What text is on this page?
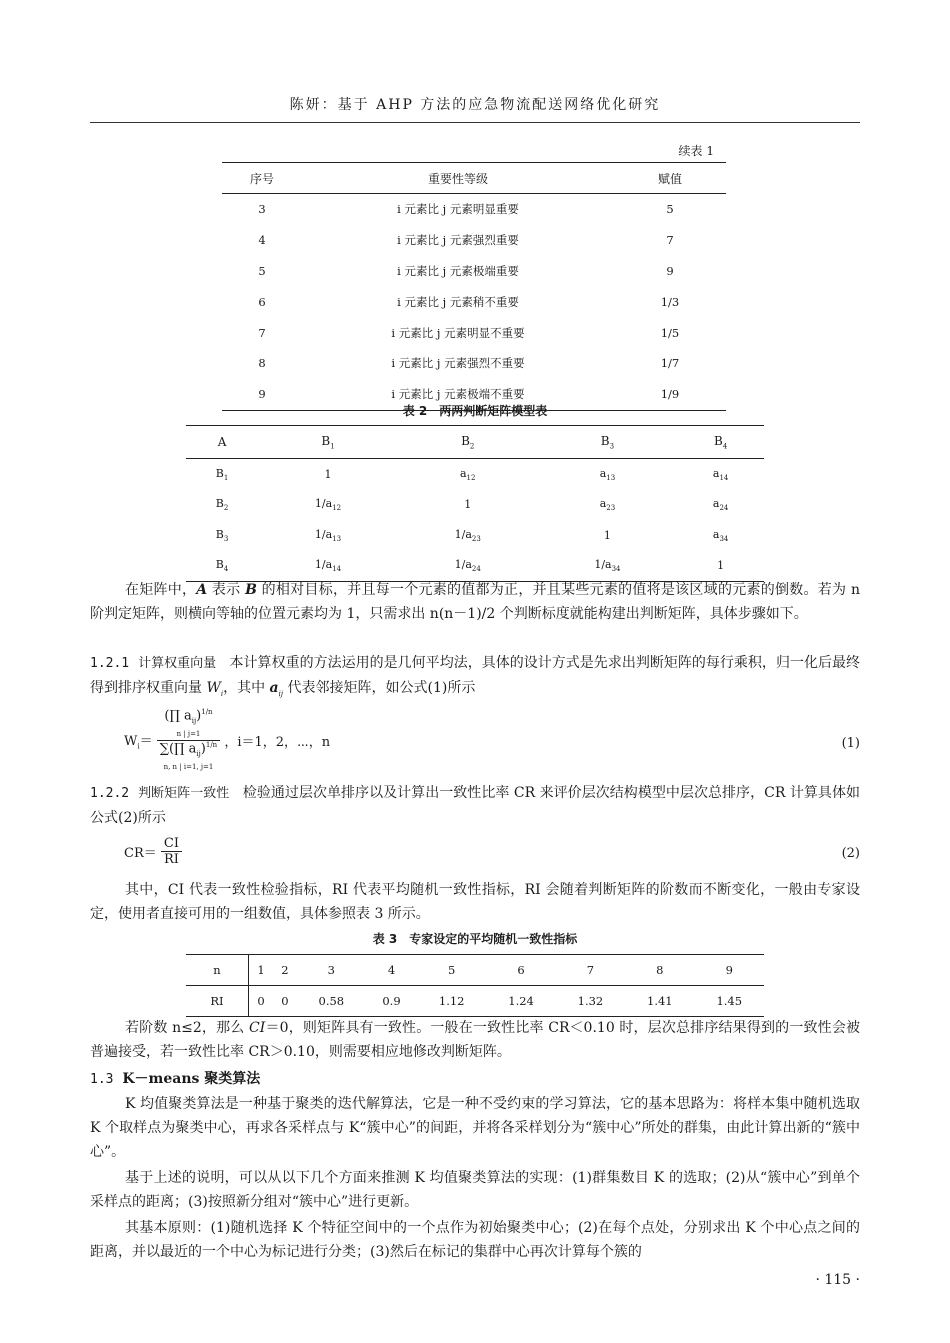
陈妍：基于 AHP 方法的应急物流配送网络优化研究
续表 1
序号	重要性等级	赋值
3	i 元素比 j 元素明显重要	5
4	i 元素比 j 元素强烈重要	7
5	i 元素比 j 元素极端重要	9
6	i 元素比 j 元素稍不重要	1/3
7	i 元素比 j 元素明显不重要	1/5
8	i 元素比 j 元素强烈不重要	1/7
9	i 元素比 j 元素极端不重要	1/9
表 2　两两判断矩阵模型表
A	$B_1$	$B_2$	$B_3$	$B_4$
$B_1$	1	$a_{12}$	$a_{13}$	$a_{14}$
$B_2$	$1/a_{12}$	1	$a_{23}$	$a_{24}$
$B_3$	$1/a_{13}$	$1/a_{23}$	1	$a_{34}$
$B_4$	$1/a_{14}$	$1/a_{24}$	$1/a_{34}$	1

在矩阵中，A 表示 B 的相对目标，并且每一个元素的值都为正，并且某些元素的值将是该区域的元素的倒数。若为 n 阶判定矩阵，则横向等轴的位置元素均为 1，只需求出 n(n－1)/2 个判断标度就能构建出判断矩阵，具体步骤如下。

1.2.1 计算权重向量 本计算权重的方法运用的是几何平均法，具体的设计方式是先求出判断矩阵的每行乘积，归一化后最终得到排序权重向量 $W_i$，其中 $a_{ij}$ 代表邻接矩阵，如公式(1)所示

$W_i=$
(∏ $a_{ij})^{1/n}$
n | j=1
∑(∏ $a_{ij})^{1/n}$
n, n | i=1, j=1
，i＝1，2，⋯，n	(1)

1.2.2 判断矩阵一致性 检验通过层次单排序以及计算出一致性比率 CR 来评价层次结构模型中层次总排序，CR 计算具体如公式(2)所示

$CR= \frac{CI}{RI}$	(2)

其中，CI 代表一致性检验指标，RI 代表平均随机一致性指标，RI 会随着判断矩阵的阶数而不断变化，一般由专家设定，使用者直接可用的一组数值，具体参照表 3 所示。

表 3　专家设定的平均随机一致性指标
n	1	2	3	4	5	6	7	8	9
RI	0	0	0.58	0.9	1.12	1.24	1.32	1.41	1.45

若阶数 n≤2，那么 CI＝0，则矩阵具有一致性。一般在一致性比率 CR＜0.10 时，层次总排序结果得到的一致性会被普遍接受，若一致性比率 CR＞0.10，则需要相应地修改判断矩阵。

1.3 K－means 聚类算法

K 均值聚类算法是一种基于聚类的迭代解算法，它是一种不受约束的学习算法，它的基本思路为：将样本集中随机选取 K 个取样点为聚类中心，再求各采样点与 K“簇中心”的间距，并将各采样划分为“簇中心”所处的群集，由此计算出新的“簇中心”。

基于上述的说明，可以从以下几个方面来推测 K 均值聚类算法的实现：(1)群集数目 K 的选取；(2)从“簇中心”到单个采样点的距离；(3)按照新分组对“簇中心”进行更新。

其基本原则：(1)随机选择 K 个特征空间中的一个点作为初始聚类中心；(2)在每个点处，分别求出 K 个中心点之间的距离，并以最近的一个中心为标记进行分类；(3)然后在标记的集群中心再次计算每个簇的

· 115 ·
